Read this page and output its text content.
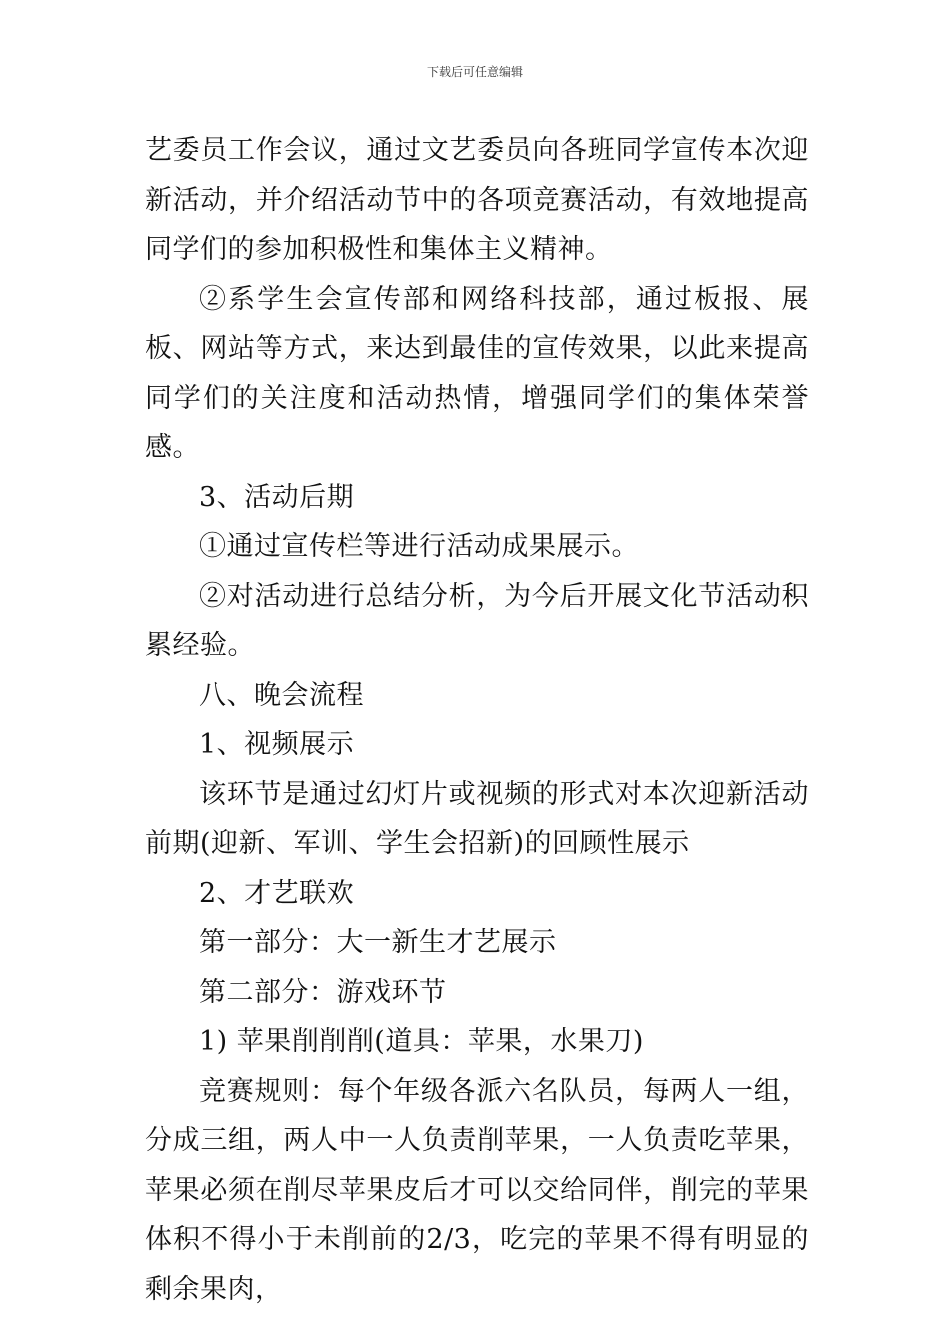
下载后可任意编辑

艺委员工作会议，通过文艺委员向各班同学宣传本次迎新活动，并介绍活动节中的各项竞赛活动，有效地提高同学们的参加积极性和集体主义精神。

②系学生会宣传部和网络科技部，通过板报、展板、网站等方式，来达到最佳的宣传效果，以此来提高同学们的关注度和活动热情，增强同学们的集体荣誉感。

3、活动后期

①通过宣传栏等进行活动成果展示。

②对活动进行总结分析，为今后开展文化节活动积累经验。

八、晚会流程

1、视频展示

该环节是通过幻灯片或视频的形式对本次迎新活动前期(迎新、军训、学生会招新)的回顾性展示

2、才艺联欢

第一部分：大一新生才艺展示

第二部分：游戏环节

1) 苹果削削削(道具：苹果，水果刀)

竞赛规则：每个年级各派六名队员，每两人一组，分成三组，两人中一人负责削苹果，一人负责吃苹果，苹果必须在削尽苹果皮后才可以交给同伴，削完的苹果体积不得小于未削前的2/3，吃完的苹果不得有明显的剩余果肉，
